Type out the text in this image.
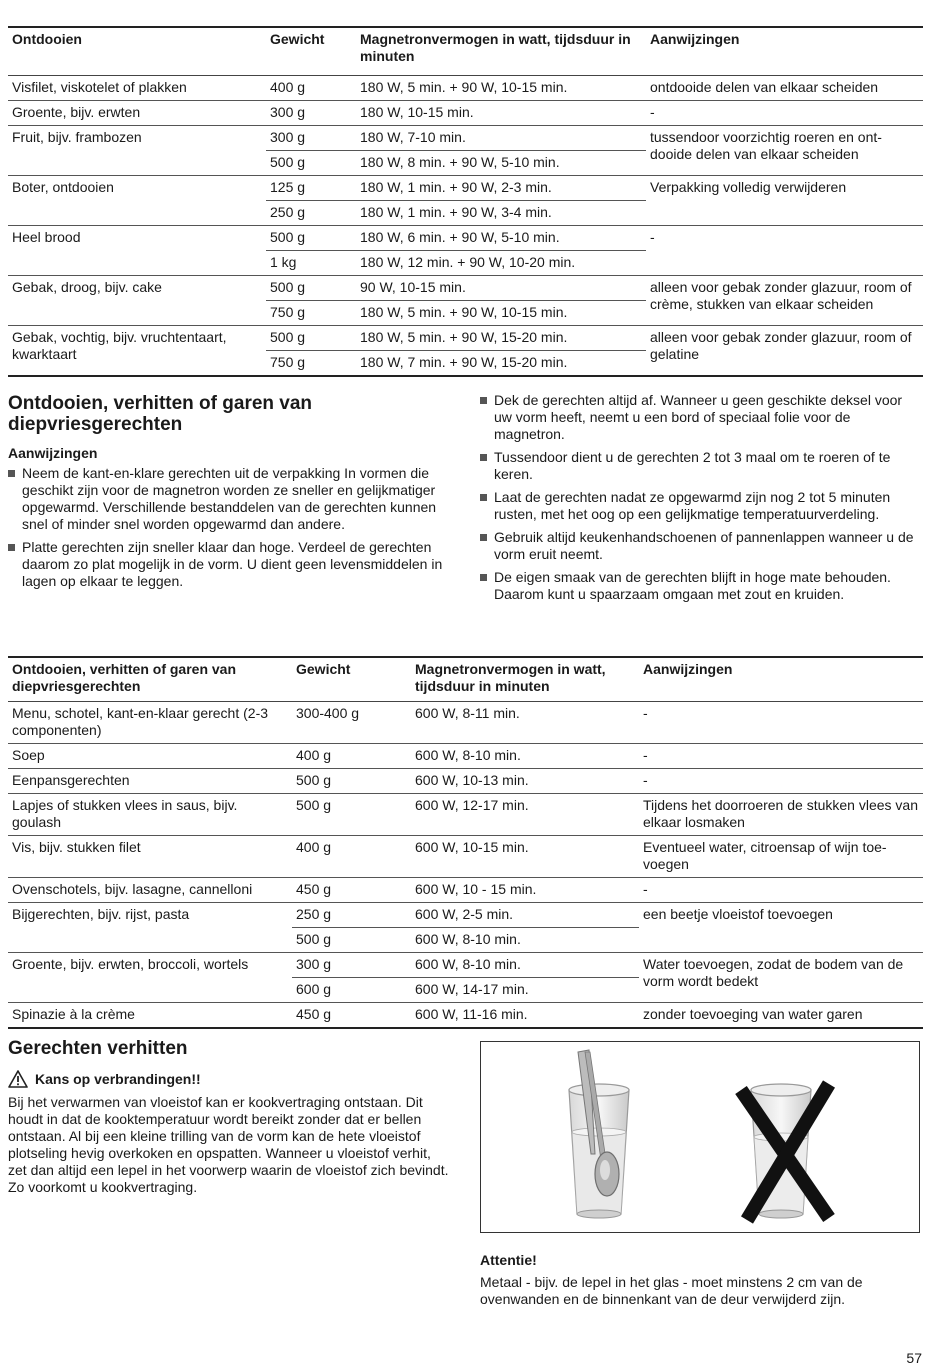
Ontdooien	Gewicht	Magnetronvermogen in watt, tijdsduur in minuten	Aanwijzingen
Visfilet, viskotelet of plakken	400 g	180 W, 5 min. + 90 W, 10-15 min.	ontdooide delen van elkaar scheiden
Groente, bijv. erwten	300 g	180 W, 10-15 min.	-
Fruit, bijv. frambozen	300 g	180 W, 7-10 min.	tussendoor voorzichtig roeren en ont-dooide delen van elkaar scheiden
	500 g	180 W, 8 min. + 90 W, 5-10 min.	
Boter, ontdooien	125 g	180 W, 1 min. + 90 W, 2-3 min.	Verpakking volledig verwijderen
	250 g	180 W, 1 min. + 90 W, 3-4 min.	
Heel brood	500 g	180 W, 6 min. + 90 W, 5-10 min.	-
	1 kg	180 W, 12 min. + 90 W, 10-20 min.	
Gebak, droog, bijv. cake	500 g	90 W, 10-15 min.	alleen voor gebak zonder glazuur, room of crème, stukken van elkaar scheiden
	750 g	180 W, 5 min. + 90 W, 10-15 min.	
Gebak, vochtig, bijv. vruchtentaart, kwarktaart	500 g	180 W, 5 min. + 90 W, 15-20 min.	alleen voor gebak zonder glazuur, room of gelatine
	750 g	180 W, 7 min. + 90 W, 15-20 min.	
Ontdooien, verhitten of garen van diepvriesgerechten
Aanwijzingen
Neem de kant-en-klare gerechten uit de verpakking In vormen die geschikt zijn voor de magnetron worden ze sneller en gelijkmatiger opgewarmd. Verschillende bestanddelen van de gerechten kunnen snel of minder snel worden opgewarmd dan andere.
Platte gerechten zijn sneller klaar dan hoge. Verdeel de gerechten daarom zo plat mogelijk in de vorm. U dient geen levensmiddelen in lagen op elkaar te leggen.
Dek de gerechten altijd af. Wanneer u geen geschikte deksel voor uw vorm heeft, neemt u een bord of speciaal folie voor de magnetron.
Tussendoor dient u de gerechten 2 tot 3 maal om te roeren of te keren.
Laat de gerechten nadat ze opgewarmd zijn nog 2 tot 5 minuten rusten, met het oog op een gelijkmatige temperatuurverdeling.
Gebruik altijd keukenhandschoenen of pannenlappen wanneer u de vorm eruit neemt.
De eigen smaak van de gerechten blijft in hoge mate behouden. Daarom kunt u spaarzaam omgaan met zout en kruiden.
Ontdooien, verhitten of garen van diepvriesgerechten	Gewicht	Magnetronvermogen in watt, tijdsduur in minuten	Aanwijzingen
Menu, schotel, kant-en-klaar gerecht (2-3 componenten)	300-400 g	600 W, 8-11 min.	-
Soep	400 g	600 W, 8-10 min.	-
Eenpansgerechten	500 g	600 W, 10-13 min.	-
Lapjes of stukken vlees in saus, bijv. goulash	500 g	600 W, 12-17 min.	Tijdens het doorroeren de stukken vlees van elkaar losmaken
Vis, bijv. stukken filet	400 g	600 W, 10-15 min.	Eventueel water, citroensap of wijn toe-voegen
Ovenschotels, bijv. lasagne, cannelloni	450 g	600 W, 10 - 15 min.	-
Bijgerechten, bijv. rijst, pasta	250 g	600 W, 2-5 min.	een beetje vloeistof toevoegen
	500 g	600 W, 8-10 min.	
Groente, bijv. erwten, broccoli, wortels	300 g	600 W, 8-10 min.	Water toevoegen, zodat de bodem van de vorm wordt bedekt
	600 g	600 W, 14-17 min.	
Spinazie à la crème	450 g	600 W, 11-16 min.	zonder toevoeging van water garen
Gerechten verhitten
Kans op verbrandingen!!

Bij het verwarmen van vloeistof kan er kookvertraging ontstaan. Dit houdt in dat de kooktemperatuur wordt bereikt zonder dat er bellen ontstaan. Al bij een kleine trilling van de vorm kan de hete vloeistof plotseling hevig overkoken en opspatten. Wanneer u vloeistof verhit, zet dan altijd een lepel in het voorwerp waarin de vloeistof zich bevindt. Zo voorkomt u kookvertraging.

Attentie!

Metaal - bijv. de lepel in het glas - moet minstens 2 cm van de ovenwanden en de binnenkant van de deur verwijderd zijn.

57
